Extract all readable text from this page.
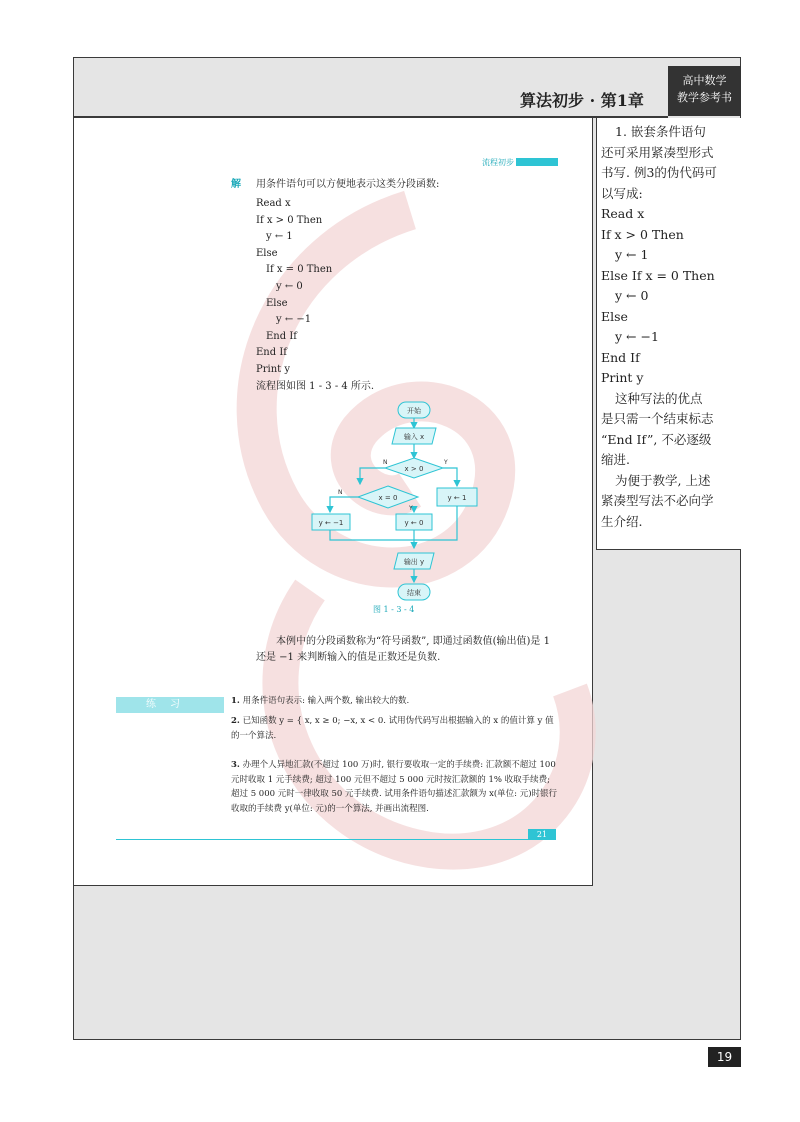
算法初步 · 第1章
高中数学
教学参考书
流程初步
解 用条件语句可以方便地表示这类分段函数:
Read x
If x > 0 Then
y ← 1
Else
If x = 0 Then
y ← 0
Else
y ← −1
End If
End If
Print y
流程图如图 1 - 3 - 4 所示.
开始
输入 x
x > 0
N	Y
x = 0
N
Y
y ← 1
y ← −1	y ← 0
输出 y
结束
图 1 - 3 - 4
本例中的分段函数称为“符号函数”, 即通过函数值(输出值)是 1 还是 −1 来判断输入的值是正数还是负数.
练习	1. 用条件语句表示: 输入两个数, 输出较大的数.
2. 已知函数 y = { x, x ≥ 0; −x, x < 0. 试用伪代码写出根据输入的 x 的值计算 y 值的一个算法.
3. 办理个人异地汇款(不超过 100 万)时, 银行要收取一定的手续费: 汇款额不超过 100 元时收取 1 元手续费; 超过 100 元但不超过 5 000 元时按汇款额的 1% 收取手续费; 超过 5 000 元时一律收取 50 元手续费. 试用条件语句描述汇款额为 x(单位: 元)时银行收取的手续费 y(单位: 元)的一个算法, 并画出流程图.
21
1. 嵌套条件语句
还可采用紧凑型形式
书写. 例3的伪代码可
以写成:
Read x
If x > 0 Then
y ← 1
Else If x = 0 Then
y ← 0
Else
y ← −1
End If
Print y
这种写法的优点
是只需一个结束标志
“End If”, 不必逐级
缩进.
为便于教学, 上述
紧凑型写法不必向学
生介绍.
19
